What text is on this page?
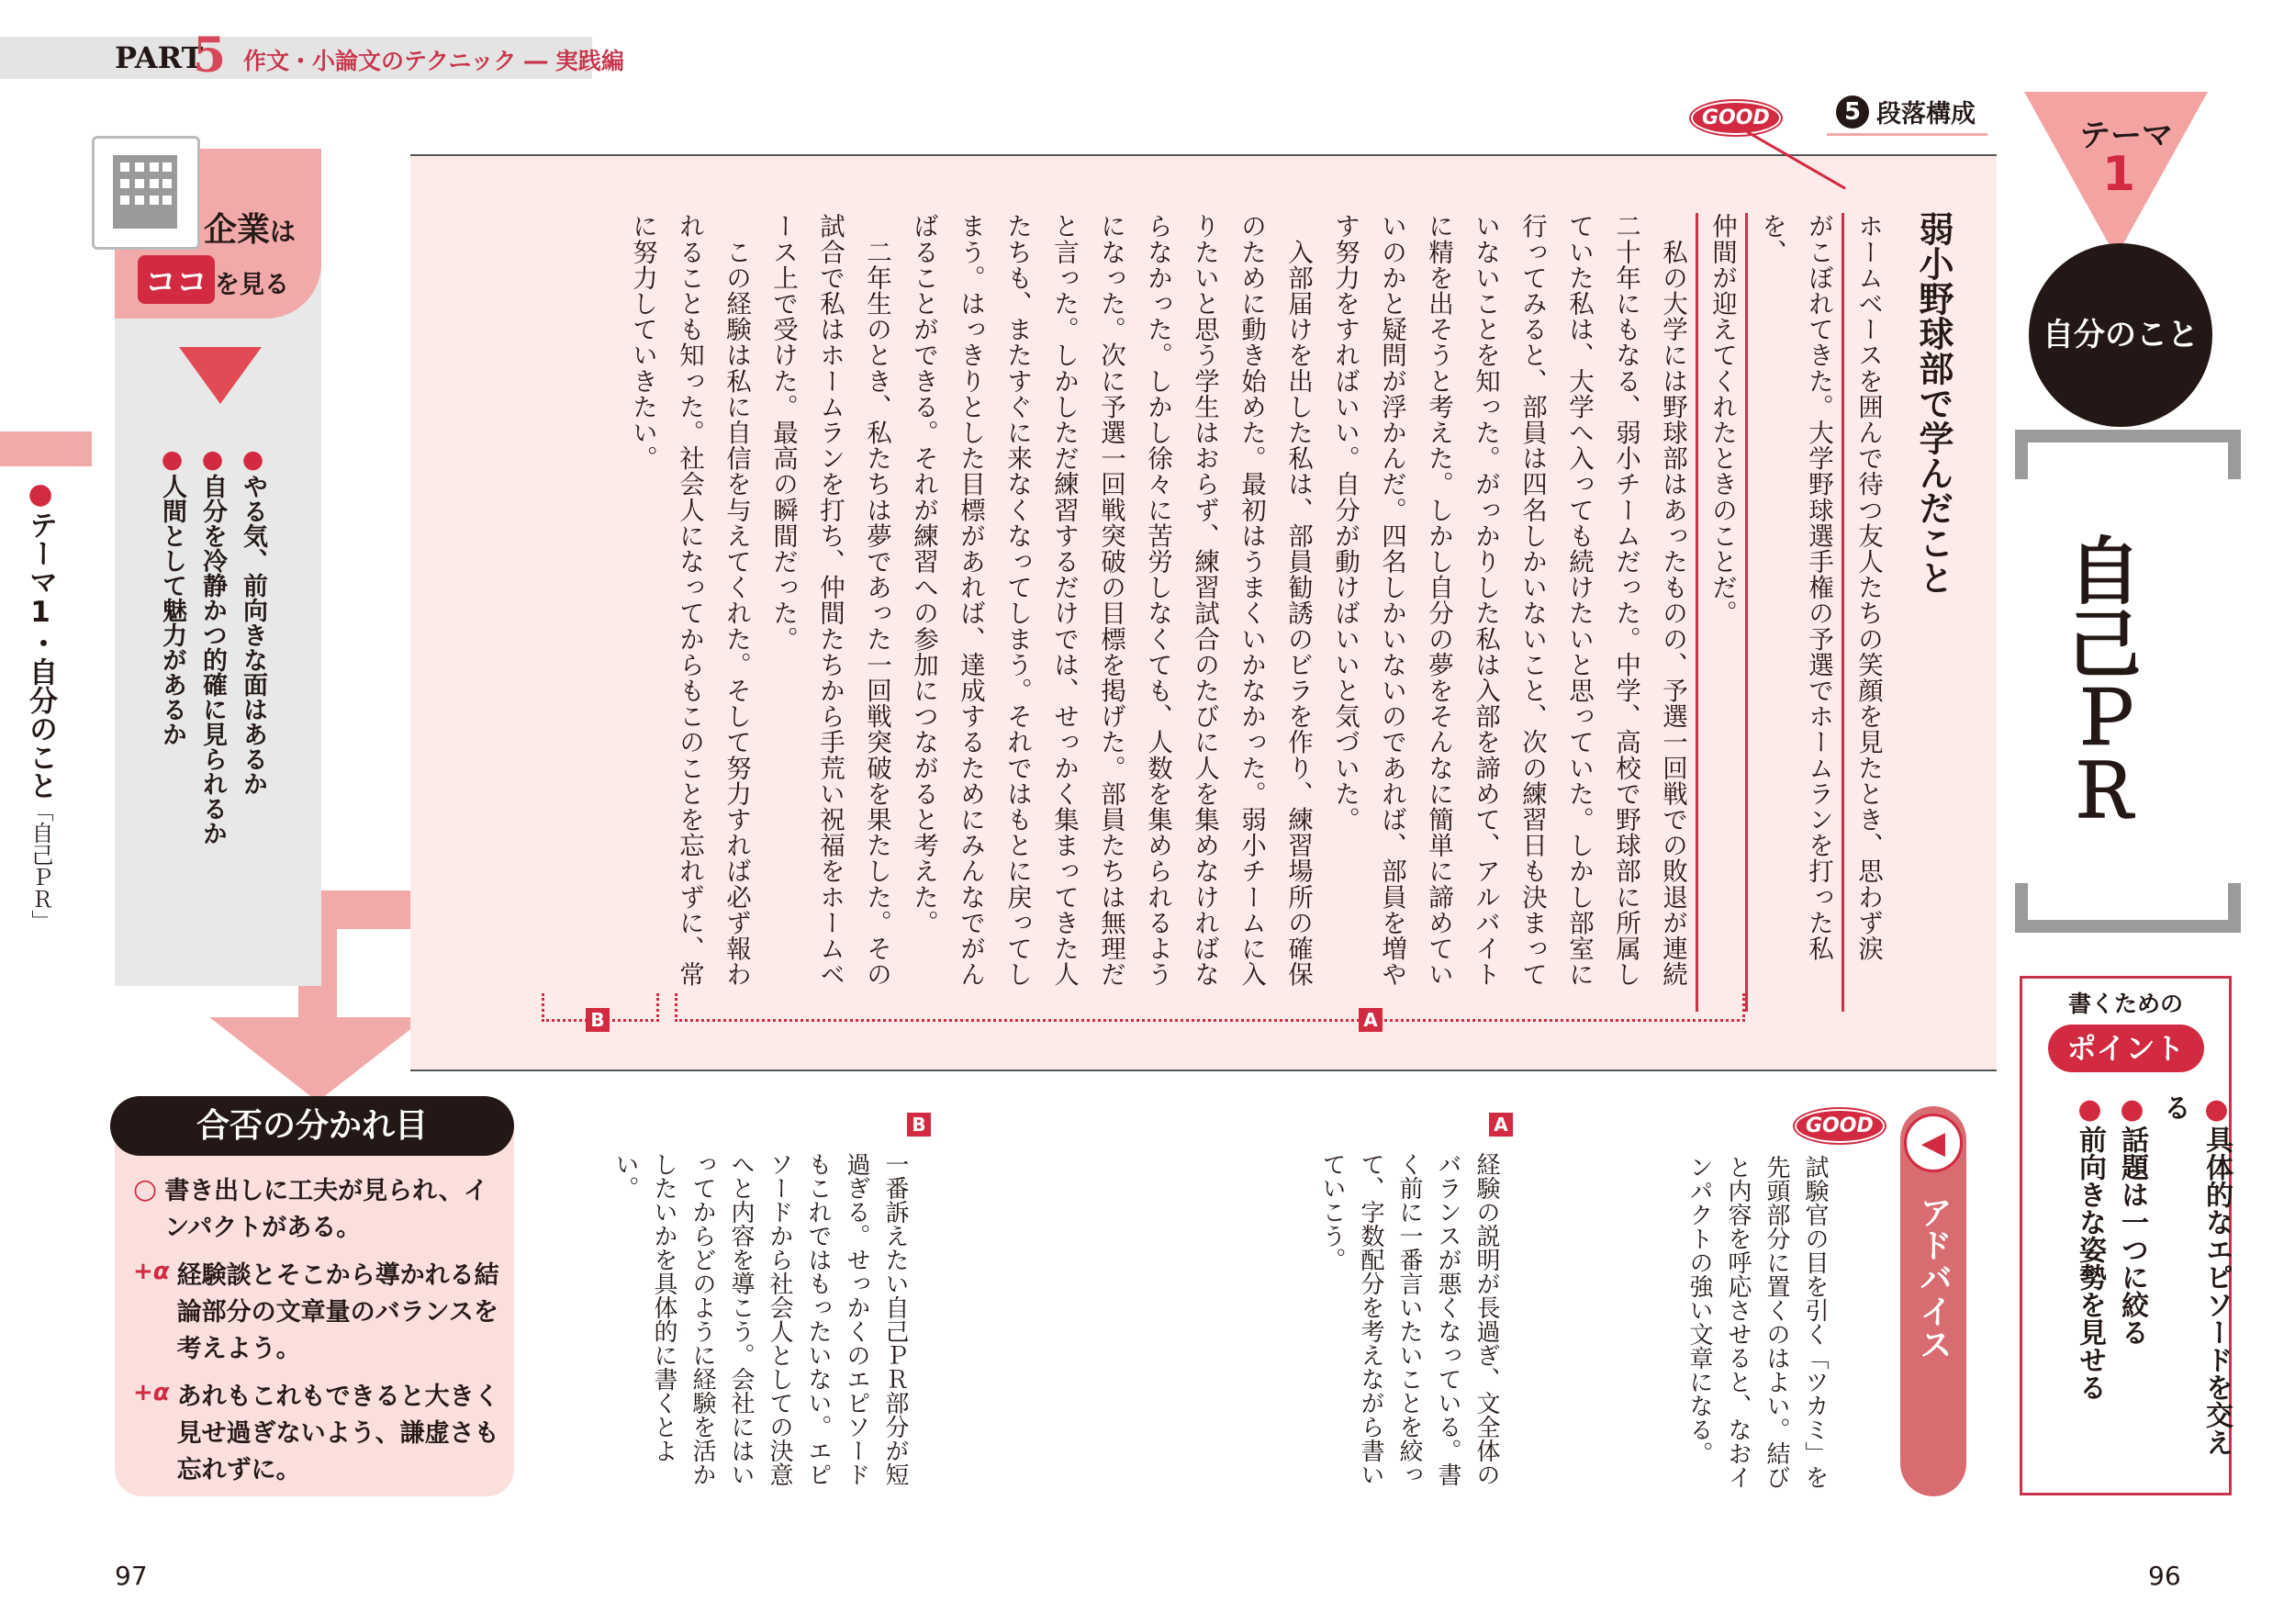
PART
5 作文・小論文のテクニック ― 実践編
5 段落構成
弱小野球部で学んだこと
ホームベースを囲んで待つ友人たちの笑顔を見たとき、思わず涙
がこぼれてきた。大学野球選手権の予選でホームランを打った私を、
仲間が迎えてくれたときのことだ。
　私の大学には野球部はあったものの、予選一回戦での敗退が連続
二十年にもなる、弱小チームだった。中学、高校で野球部に所属し
ていた私は、大学へ入っても続けたいと思っていた。しかし部室に
行ってみると、部員は四名しかいないこと、次の練習日も決まって
いないことを知った。がっかりした私は入部を諦めて、アルバイト
に精を出そうと考えた。しかし自分の夢をそんなに簡単に諦めてい
いのかと疑問が浮かんだ。四名しかいないのであれば、部員を増や
す努力をすればいい。自分が動けばいいと気づいた。
　入部届けを出した私は、部員勧誘のビラを作り、練習場所の確保
のために動き始めた。最初はうまくいかなかった。弱小チームに入
りたいと思う学生はおらず、練習試合のたびに人を集めなければな
らなかった。しかし徐々に苦労しなくても、人数を集められるよう
になった。次に予選一回戦突破の目標を掲げた。部員たちは無理だ
と言った。しかしただ練習するだけでは、せっかく集まってきた人
たちも、またすぐに来なくなってしまう。それではもとに戻ってし
まう。はっきりとした目標があれば、達成するためにみんなでがん
ばることができる。それが練習への参加につながると考えた。
　二年生のとき、私たちは夢であった一回戦突破を果たした。その
試合で私はホームランを打ち、仲間たちから手荒い祝福をホームベ
ース上で受けた。最高の瞬間だった。
　この経験は私に自信を与えてくれた。そして努力すれば必ず報わ
れることも知った。社会人になってからもこのことを忘れずに、常
に努力していきたい。
A
B
GOOD
GOOD
テーマ
1
自分のこと
自己ＰＲ
書くための
ポイント
●具体的なエピソードを交える
●話題は一つに絞る
●前向きな姿勢を見せる
◀
アドバイス
試験官の目を引く「ツカミ」を先頭部分に置くのはよい。結びと内容を呼応させると、なおインパクトの強い文章になる。
A
経験の説明が長過ぎ、文全体のバランスが悪くなっている。書く前に一番言いたいことを絞って、字数配分を考えながら書いていこう。
B
一番訴えたい自己ＰＲ部分が短過ぎる。せっかくのエピソードもこれではもったいない。エピソードから社会人としての決意へと内容を導こう。会社にはいってからどのように経験を活かしたいかを具体的に書くとよい。
企業は
ココ を見る
●やる気、前向きな面はあるか
●自分を冷静かつ的確に見られるか
●人間として魅力があるか
●テーマ1・自分のこと「自己ＰＲ」
合否の分かれ目
○ 書き出しに工夫が見られ、インパクトがある。
+α 経験談とそこから導かれる結論部分の文章量のバランスを考えよう。
+α あれもこれもできると大きく見せ過ぎないよう、謙虚さも忘れずに。
97	96
